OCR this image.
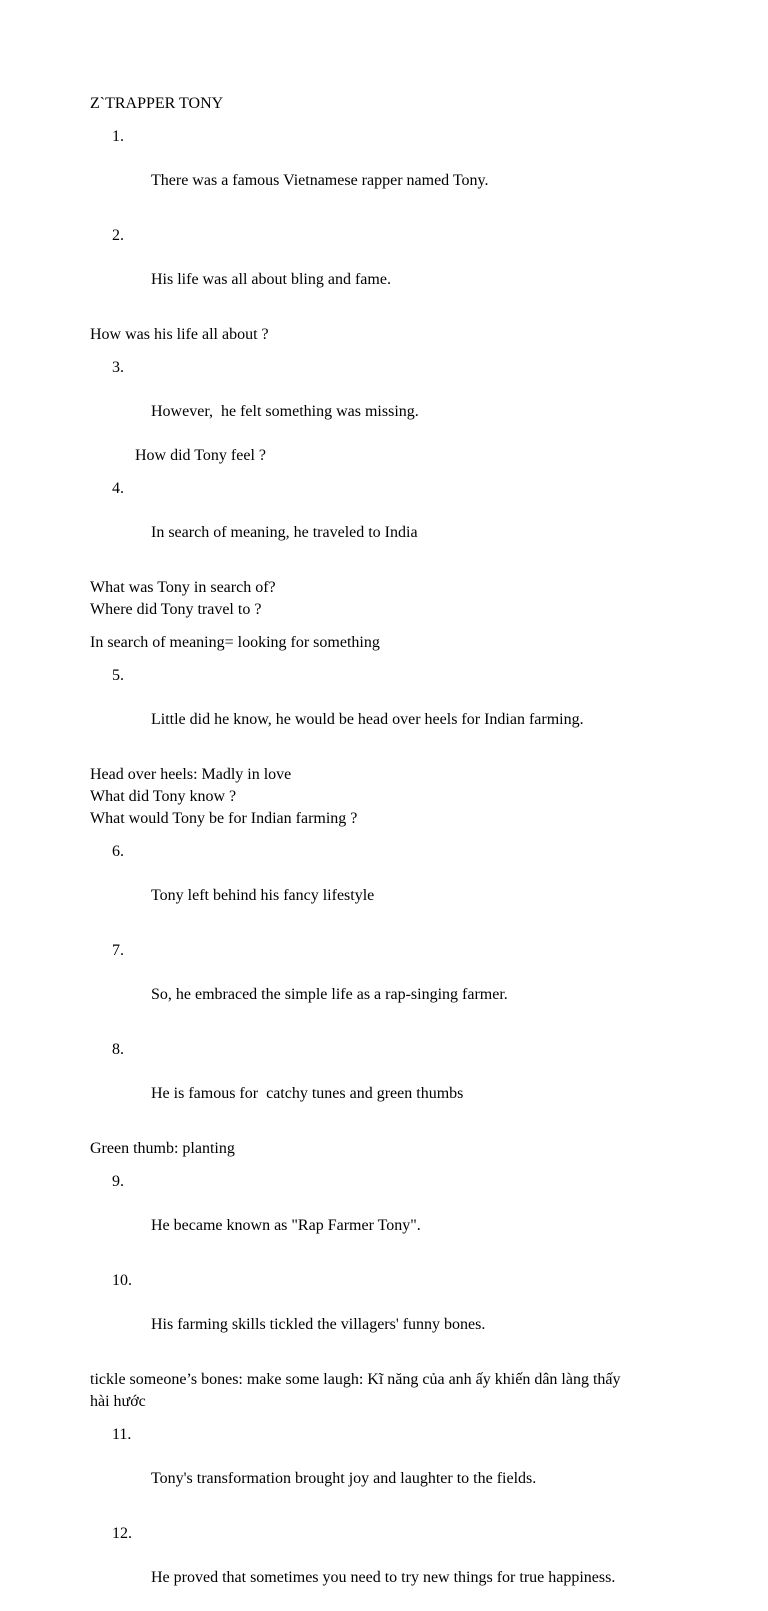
Z`TRAPPER TONY

1.

There was a famous Vietnamese rapper named Tony.

2.

His life was all about bling and fame.

How was his life all about ?

3.

However,  he felt something was missing.

How did Tony feel ?

4.

In search of meaning, he traveled to India

What was Tony in search of?
Where did Tony travel to ?
In search of meaning= looking for something

5.

Little did he know, he would be head over heels for Indian farming.

Head over heels: Madly in love
What did Tony know ?
What would Tony be for Indian farming ?

6.

Tony left behind his fancy lifestyle

7.

So, he embraced the simple life as a rap-singing farmer.

8.

He is famous for  catchy tunes and green thumbs

Green thumb: planting

9.

He became known as "Rap Farmer Tony".

10.

His farming skills tickled the villagers' funny bones.

tickle someone’s bones: make some laugh: Kĩ năng của anh ấy khiến dân làng thấy
hài hước

11.

Tony's transformation brought joy and laughter to the fields.

12.

He proved that sometimes you need to try new things for true happiness.
